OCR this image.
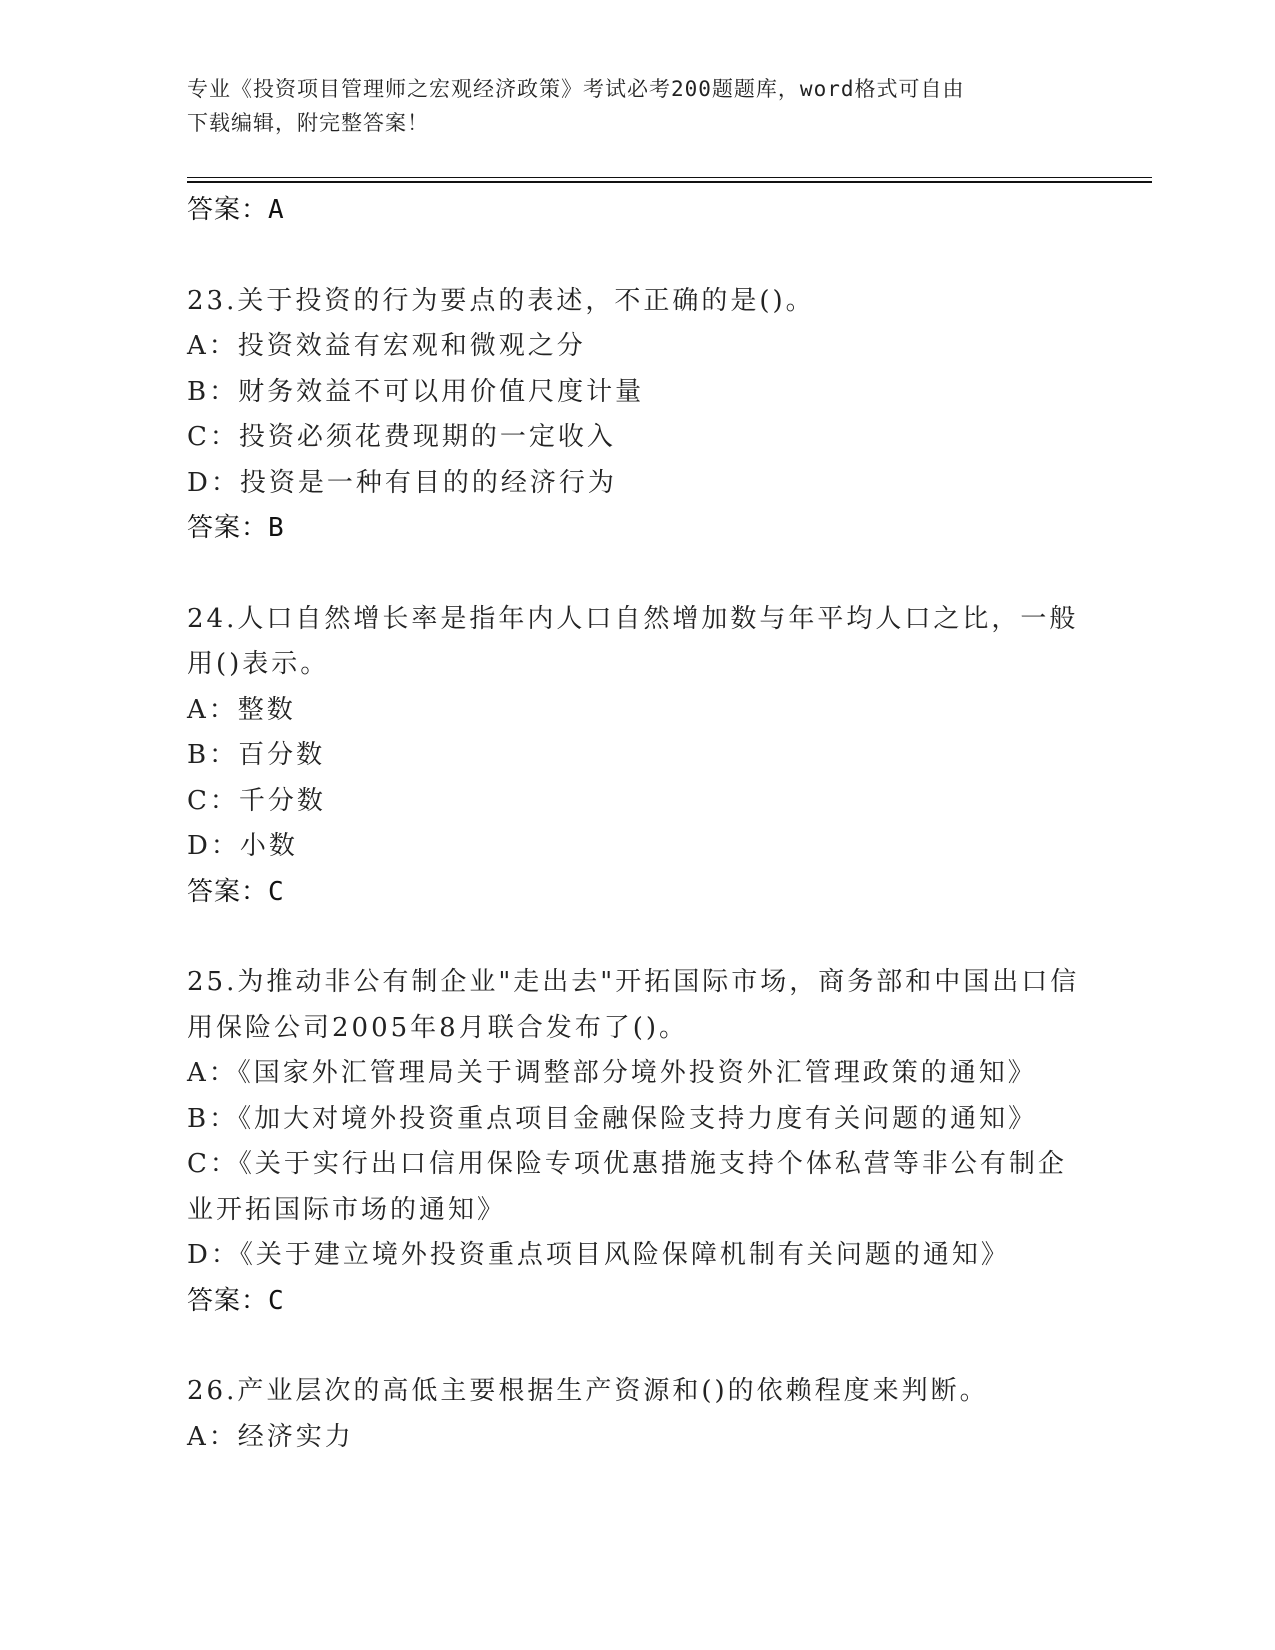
专业《投资项目管理师之宏观经济政策》考试必考200题题库，word格式可自由
下载编辑，附完整答案！
答案：A
23.关于投资的行为要点的表述，不正确的是()。
A：投资效益有宏观和微观之分
B：财务效益不可以用价值尺度计量
C：投资必须花费现期的一定收入
D：投资是一种有目的的经济行为
答案：B
24.人口自然增长率是指年内人口自然增加数与年平均人口之比，一般
用()表示。
A：整数
B：百分数
C：千分数
D：小数
答案：C
25.为推动非公有制企业"走出去"开拓国际市场，商务部和中国出口信
用保险公司2005年8月联合发布了()。
A：《国家外汇管理局关于调整部分境外投资外汇管理政策的通知》
B：《加大对境外投资重点项目金融保险支持力度有关问题的通知》
C：《关于实行出口信用保险专项优惠措施支持个体私营等非公有制企
业开拓国际市场的通知》
D：《关于建立境外投资重点项目风险保障机制有关问题的通知》
答案：C
26.产业层次的高低主要根据生产资源和()的依赖程度来判断。
A：经济实力
